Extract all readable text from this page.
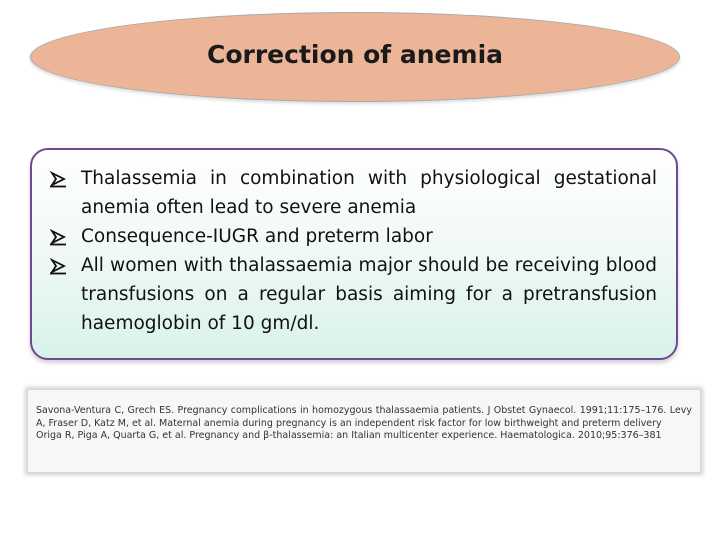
Correction of anemia
Thalassemia in combination with physiological gestational anemia often lead to severe anemia
Consequence-IUGR and preterm labor
All women with thalassaemia major should be receiving blood transfusions on a regular basis aiming for a pretransfusion haemoglobin of 10 gm/dl.

Savona-Ventura C, Grech ES. Pregnancy complications in homozygous thalassaemia patients. J Obstet Gynaecol. 1991;11:175–176. Levy A, Fraser D, Katz M, et al. Maternal anemia during pregnancy is an independent risk factor for low birthweight and preterm delivery

Origa R, Piga A, Quarta G, et al. Pregnancy and β-thalassemia: an Italian multicenter experience. Haematologica. 2010;95:376–381
